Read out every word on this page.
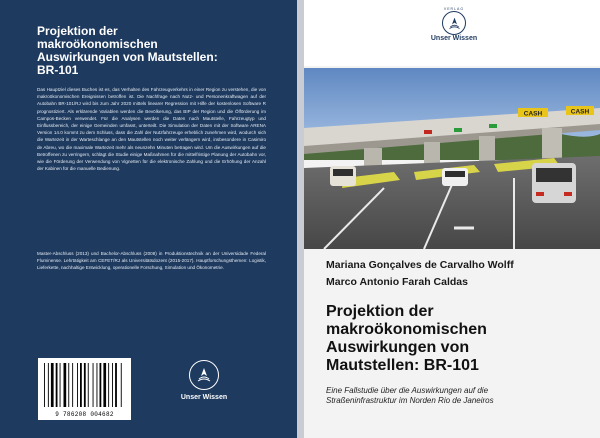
Projektion der
makroökonomischen
Auswirkungen von Mautstellen:
BR-101

Das Hauptziel dieses Buches ist es, das Verhalten des Fahrzeugverkehrs in einer Region zu verstehen, die von makroökonomischen Ereignissen betroffen ist. Die Nachfrage nach Nutz- und Personenkraftwagen auf der Autobahn BR-101/RJ wird bis zum Jahr 2020 mittels linearer Regression mit Hilfe der kostenlosen Software R prognostiziert. Als erklärende Variablen werden die Bevölkerung, das BIP der Region und die Ölförderung im Campos-Becken verwendet. Für die Analysen werden die Daten nach Mautstelle, Fahrzeugtyp und Einflussbereich, der einige Gemeinden umfasst, unterteilt. Die Simulation der Daten mit der Software ARENA Version 14.0 kommt zu dem Schluss, dass die Zahl der Nutzfahrzeuge erheblich zunehmen wird, wodurch sich die Wartezeit in der Warteschlange an den Mautstellen noch weiter verlängern wird, insbesondere in Casimiro de Abreu, wo die maximale Wartezeit mehr als neunzehn Minuten betragen wird. Um die Auswirkungen auf die Betroffenen zu verringern, schlägt die Studie einige Maßnahmen für die mittelfristige Planung der Autobahn vor, wie die Förderung der Verwendung von Vignetten für die elektronische Zahlung und die Erhöhung der Anzahl der Kabinen für die manuelle Bedienung.

Master-Abschluss (2013) und Bachelor-Abschluss (2008) in Produktionstechnik an der Universidade Federal Fluminense. Lehrtätigkeit am CEFET/RJ als Universitätsdozent (2015-2017). Hauptforschungsthemen: Logistik, Lieferkette, nachhaltige Entwicklung, operationelle Forschung, Simulation und Ökonometrie.

9 786208 004682
Unser Wissen
VERLAG
Unser Wissen
CASH	CASH
Mariana Gonçalves de Carvalho Wolff
Marco Antonio Farah Caldas
Projektion der
makroökonomischen
Auswirkungen von
Mautstellen: BR-101
Eine Fallstudie über die Auswirkungen auf die
Straßeninfrastruktur im Norden Rio de Janeiros
